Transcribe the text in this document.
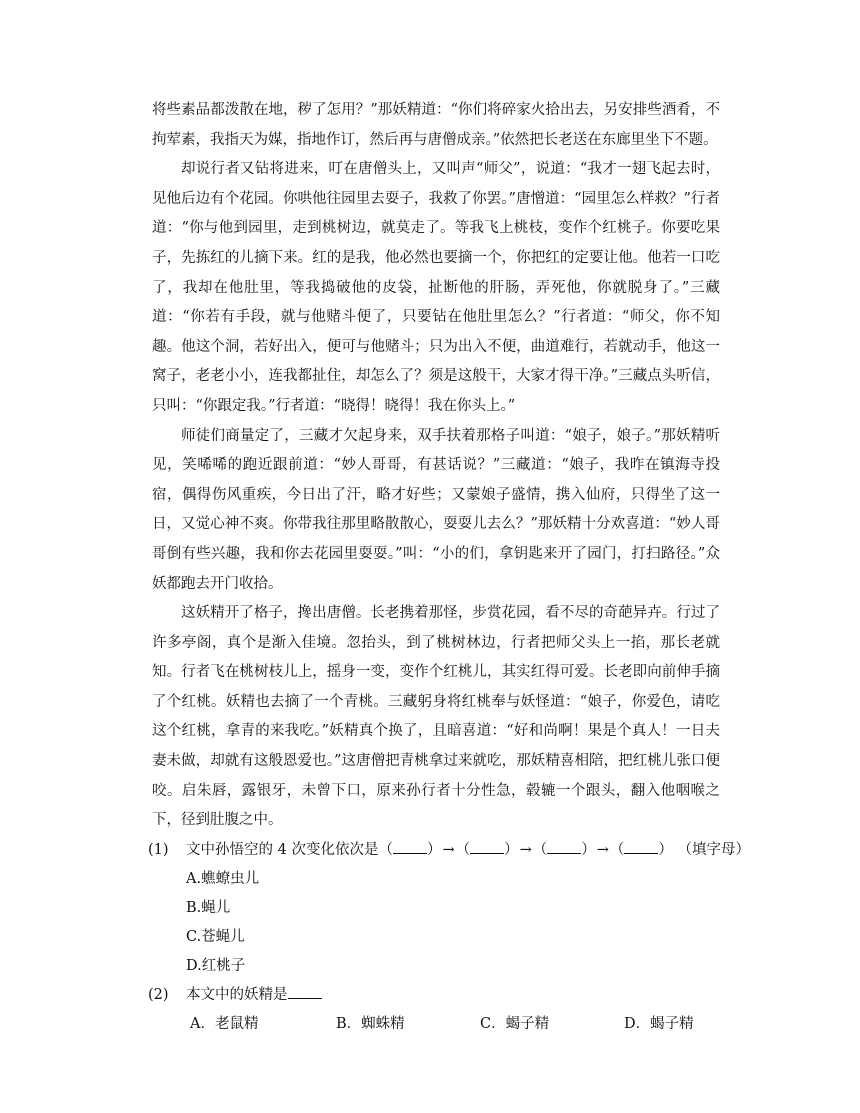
将些素品都泼散在地，秽了怎用？”那妖精道：“你们将碎家火拾出去，另安排些酒肴，不拘荤素，我指天为媒，指地作订，然后再与唐僧成亲。”依然把长老送在东廊里坐下不题。

却说行者又钻将进来，叮在唐僧头上，又叫声“师父”，说道：“我才一翅飞起去时，见他后边有个花园。你哄他往园里去耍子，我救了你罢。”唐憎道：“园里怎么样救？”行者道：“你与他到园里，走到桃树边，就莫走了。等我飞上桃枝，变作个红桃子。你要吃果子，先拣红的儿摘下来。红的是我，他必然也要摘一个，你把红的定要让他。他若一口吃了，我却在他肚里，等我捣破他的皮袋，扯断他的肝肠，弄死他，你就脱身了。”三藏道：“你若有手段，就与他赌斗便了，只要钻在他肚里怎么？”行者道：“师父，你不知趣。他这个洞，若好出入，便可与他赌斗；只为出入不便，曲道难行，若就动手，他这一窝子，老老小小，连我都扯住，却怎么了？须是这般干，大家才得干净。”三藏点头听信，只叫：“你跟定我。”行者道：“晓得！晓得！我在你头上。”

师徒们商量定了，三藏才欠起身来，双手扶着那格子叫道：“娘子，娘子。”那妖精听见，笑唏唏的跑近跟前道：“妙人哥哥，有甚话说？”三藏道：“娘子，我昨在镇海寺投宿，偶得伤风重疾，今日出了汗，略才好些；又蒙娘子盛情，携入仙府，只得坐了这一日，又觉心神不爽。你带我往那里略散散心，耍耍儿去么？”那妖精十分欢喜道：“妙人哥哥倒有些兴趣，我和你去花园里耍耍。”叫：“小的们，拿钥匙来开了园门，打扫路径。”众妖都跑去开门收拾。

这妖精开了格子，搀出唐僧。长老携着那怪，步赏花园，看不尽的奇葩异卉。行过了许多亭阁，真个是渐入佳境。忽抬头，到了桃树林边，行者把师父头上一掐，那长老就知。行者飞在桃树枝儿上，摇身一变，变作个红桃儿，其实红得可爱。长老即向前伸手摘了个红桃。妖精也去摘了一个青桃。三藏躬身将红桃奉与妖怪道：“娘子，你爱色，请吃这个红桃，拿青的来我吃。”妖精真个换了，且暗喜道：“好和尚啊！果是个真人！一日夫妻未做，却就有这般恩爱也。”这唐僧把青桃拿过来就吃，那妖精喜相陪，把红桃儿张口便咬。启朱唇，露银牙，未曾下口，原来孙行者十分性急，毂辘一个跟头，翻入他咽喉之下，径到肚腹之中。

(1) 文中孙悟空的 4 次变化依次是（ ）→（ ）→（ ）→（ ） （填字母）

A.蟭蟟虫儿

B.蝇儿

C.苍蝇儿

D.红桃子

(2) 本文中的妖精是
A．老鼠精	B．蜘蛛精	C．蝎子精	D．蝎子精
